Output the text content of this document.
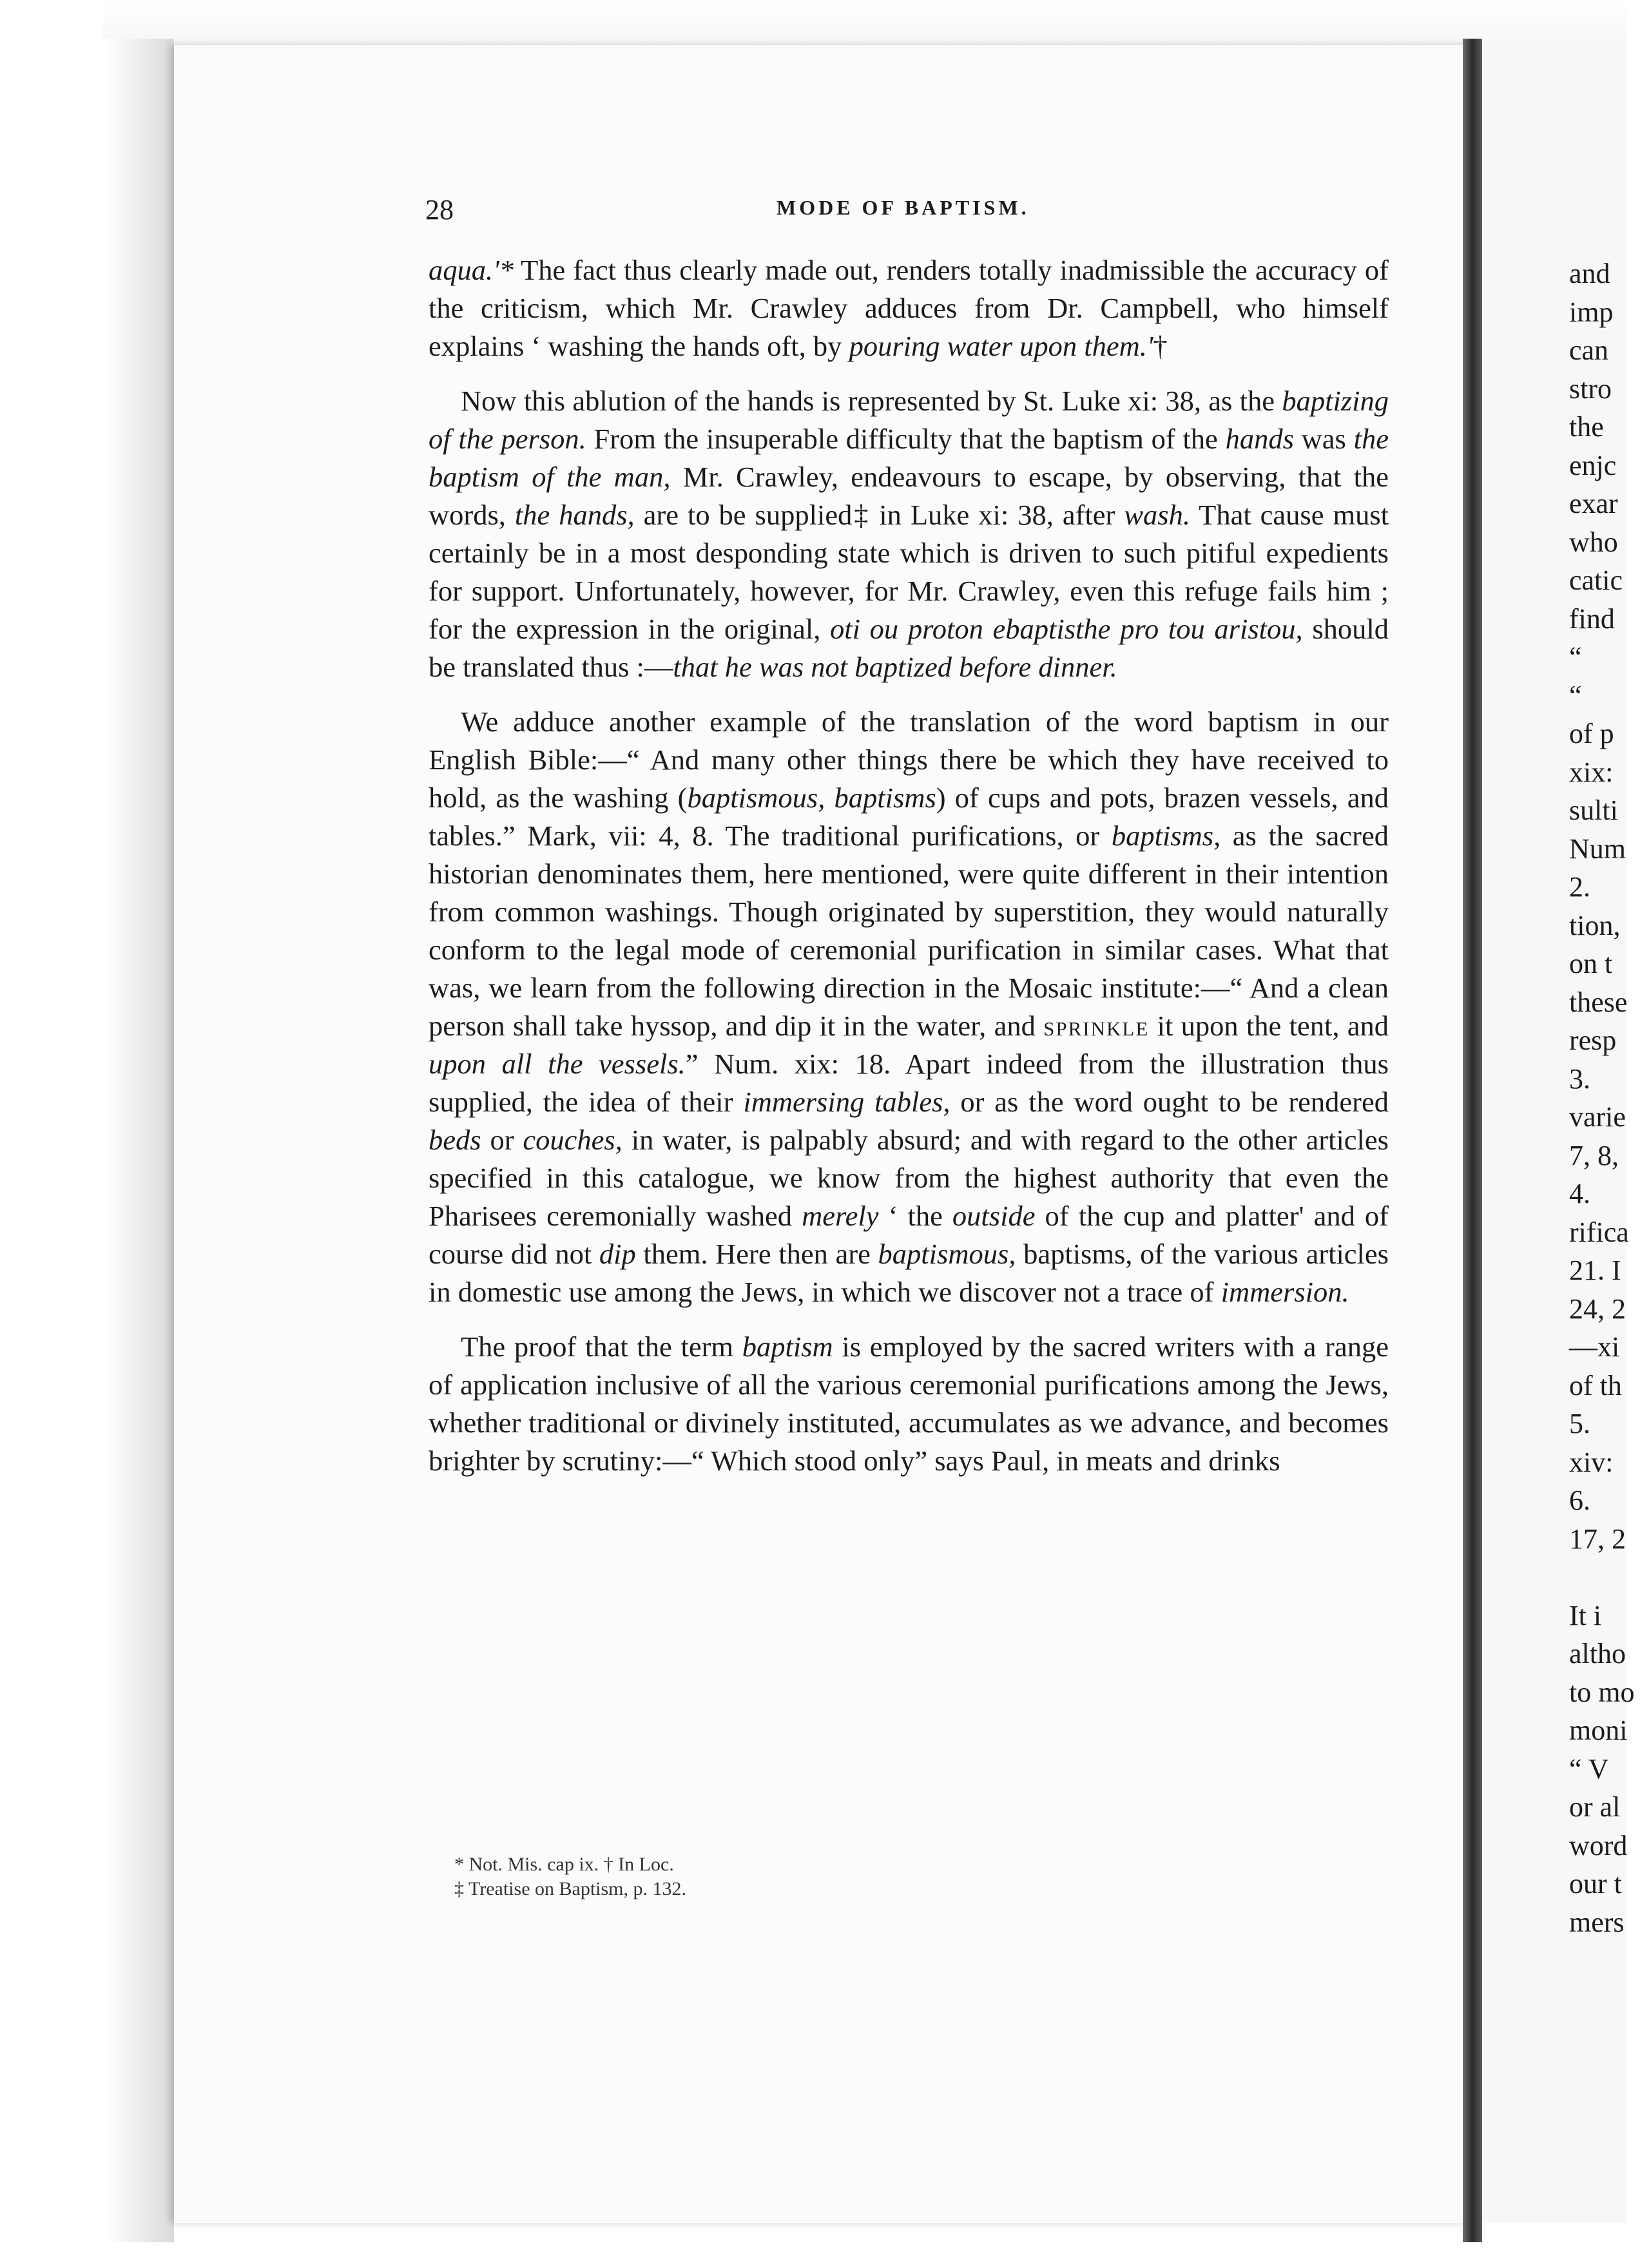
28	MODE OF BAPTISM.

aqua.'* The fact thus clearly made out, renders totally inadmissible the accuracy of the criticism, which Mr. Crawley adduces from Dr. Campbell, who himself explains ‘ washing the hands oft, by pouring water upon them.'†

Now this ablution of the hands is represented by St. Luke xi: 38, as the baptizing of the person. From the insuperable difficulty that the baptism of the hands was the baptism of the man, Mr. Crawley, endeavours to escape, by observing, that the words, the hands, are to be supplied‡ in Luke xi: 38, after wash. That cause must certainly be in a most desponding state which is driven to such pitiful expedients for support. Unfortunately, however, for Mr. Crawley, even this refuge fails him ; for the expression in the original, oti ou proton ebaptisthe pro tou aristou, should be translated thus :—that he was not baptized before dinner.

We adduce another example of the translation of the word baptism in our English Bible:—“ And many other things there be which they have received to hold, as the washing (baptismous, baptisms) of cups and pots, brazen vessels, and tables.” Mark, vii: 4, 8. The traditional purifications, or baptisms, as the sacred historian denominates them, here mentioned, were quite different in their intention from common washings. Though originated by superstition, they would naturally conform to the legal mode of ceremonial purification in similar cases. What that was, we learn from the following direction in the Mosaic institute:—“ And a clean person shall take hyssop, and dip it in the water, and sprinkle it upon the tent, and upon all the vessels.” Num. xix: 18. Apart indeed from the illustration thus supplied, the idea of their immersing tables, or as the word ought to be rendered beds or couches, in water, is palpably absurd; and with regard to the other articles specified in this catalogue, we know from the highest authority that even the Pharisees ceremonially washed merely ‘ the outside of the cup and platter' and of course did not dip them. Here then are baptismous, baptisms, of the various articles in domestic use among the Jews, in which we discover not a trace of immersion.

The proof that the term baptism is employed by the sacred writers with a range of application inclusive of all the various ceremonial purifications among the Jews, whether traditional or divinely instituted, accumulates as we advance, and becomes brighter by scrutiny:—“ Which stood only” says Paul, in meats and drinks

* Not. Mis. cap ix. † In Loc.
‡ Treatise on Baptism, p. 132.
and
imp
can
stro
the
enjc
exar
who
catic
find
“
“
of p
xix:
sulti
Num
2.
tion,
on t
these
resp
3.
varie
7, 8,
4.
rifica
21. I
24, 2
—xi
of th
5.
xiv:
6.
17, 2
It i
altho
to mo
moni
“ V
or al
word
our t
mers
